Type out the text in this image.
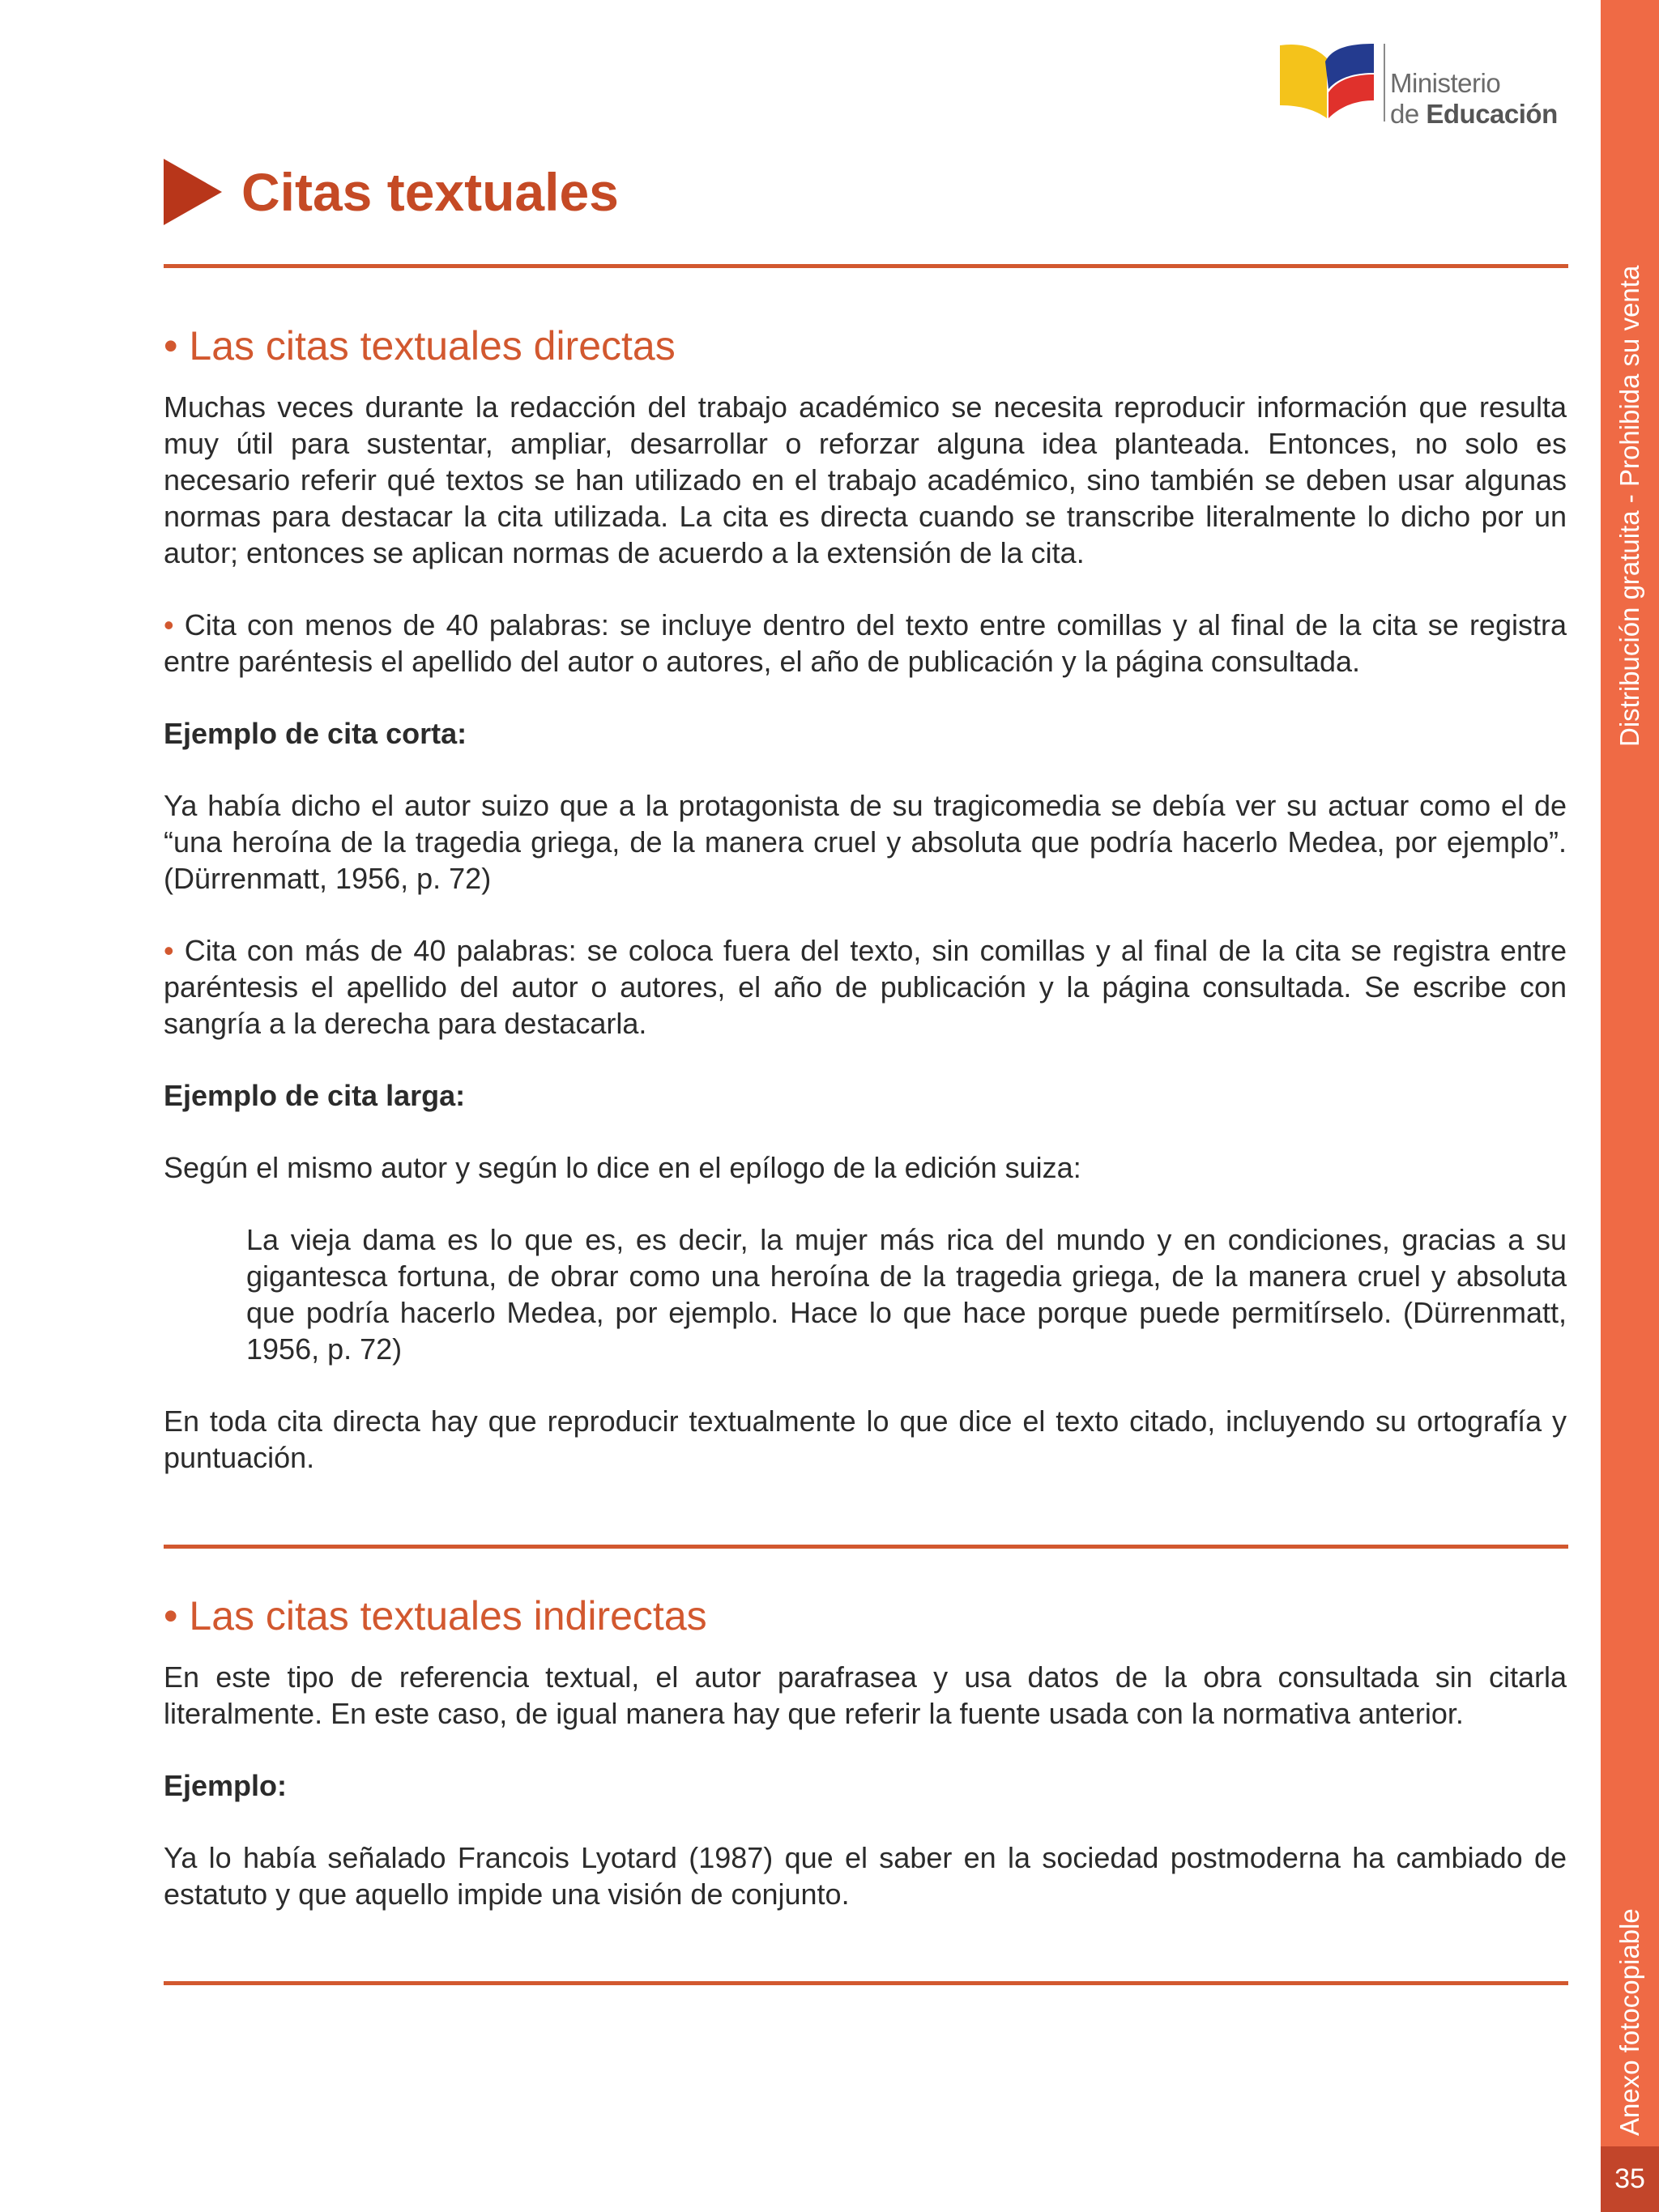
Ministerio
de Educación
Citas textuales
• Las citas textuales directas

Muchas veces durante la redacción del trabajo académico se necesita reproducir información que resulta muy útil para sustentar, ampliar, desarrollar o reforzar alguna idea planteada. Entonces, no solo es necesario referir qué textos se han utilizado en el trabajo académico, sino también se deben usar algunas normas para destacar la cita utilizada. La cita es directa cuando se transcribe literalmente lo dicho por un autor; entonces se aplican normas de acuerdo a la extensión de la cita.

• Cita con menos de 40 palabras: se incluye dentro del texto entre comillas y al final de la cita se registra entre paréntesis el apellido del autor o autores, el año de publicación y la página consultada.

Ejemplo de cita corta:

Ya había dicho el autor suizo que a la protagonista de su tragicomedia se debía ver su actuar como el de “una heroína de la tragedia griega, de la manera cruel y absoluta que podría hacerlo Medea, por ejemplo”. (Dürrenmatt, 1956, p. 72)

• Cita con más de 40 palabras: se coloca fuera del texto, sin comillas y al final de la cita se registra entre paréntesis el apellido del autor o autores, el año de publicación y la página consultada. Se escribe con sangría a la derecha para destacarla.

Ejemplo de cita larga:

Según el mismo autor y según lo dice en el epílogo de la edición suiza:

La vieja dama es lo que es, es decir, la mujer más rica del mundo y en condiciones, gracias a su gigantesca fortuna, de obrar como una heroína de la tragedia griega, de la manera cruel y absoluta que podría hacerlo Medea, por ejemplo. Hace lo que hace porque puede permitírselo. (Dürrenmatt, 1956, p. 72)

En toda cita directa hay que reproducir textualmente lo que dice el texto citado, incluyendo su ortografía y puntuación.

• Las citas textuales indirectas

En este tipo de referencia textual, el autor parafrasea y usa datos de la obra consultada sin citarla literalmente. En este caso, de igual manera hay que referir la fuente usada con la normativa anterior.

Ejemplo:

Ya lo había señalado Francois Lyotard (1987) que el saber en la sociedad postmoderna ha cambiado de estatuto y que aquello impide una visión de conjunto.

Distribución gratuita - Prohibida su venta
Anexo fotocopiable
35
